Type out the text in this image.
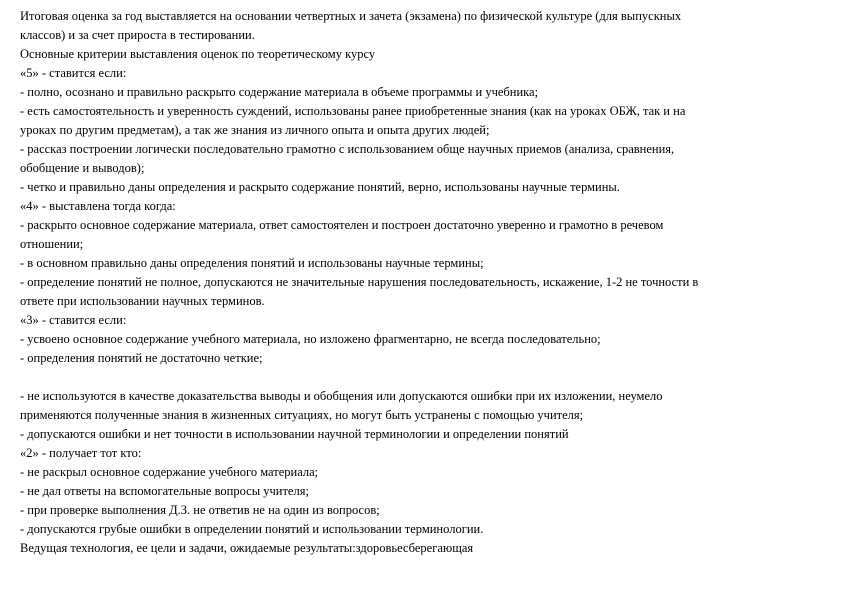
Итоговая оценка за год выставляется на основании четвертных и зачета (экзамена) по физической культуре (для выпускных
классов) и за счет прироста в тестировании.
Основные критерии выставления оценок по теоретическому курсу
«5» - ставится если:
- полно, осознано и правильно раскрыто содержание материала в объеме программы и учебника;
- есть самостоятельность и уверенность суждений, использованы ранее приобретенные знания (как на уроках ОБЖ, так и на
уроках по другим предметам), а так же знания из личного опыта и опыта других людей;
- рассказ построении логически последовательно грамотно с использованием обще научных приемов (анализа, сравнения,
обобщение и выводов);
- четко и правильно даны определения и раскрыто содержание понятий, верно, использованы научные термины.
«4» - выставлена тогда когда:
- раскрыто основное содержание материала, ответ самостоятелен и построен достаточно уверенно и грамотно в речевом
отношении;
- в основном правильно даны определения понятий и использованы научные термины;
- определение понятий не полное, допускаются не значительные нарушения последовательность, искажение, 1-2 не точности в
ответе при использовании научных терминов.
«3» - ставится если:
- усвоено основное содержание учебного материала, но изложено фрагментарно, не всегда последовательно;
- определения понятий не достаточно четкие;
- не используются в качестве доказательства выводы и обобщения или допускаются ошибки при их изложении, неумело
применяются полученные знания в жизненных ситуациях, но могут быть устранены с помощью учителя;
- допускаются ошибки и нет точности в использовании научной терминологии и определении понятий
«2» - получает тот кто:
- не раскрыл основное содержание учебного материала;
- не дал ответы на вспомогательные вопросы учителя;
- при проверке выполнения Д.З. не ответив не на один из вопросов;
- допускаются грубые ошибки в определении понятий и использовании терминологии.
Ведущая технология, ее цели и задачи, ожидаемые результаты:здоровьесберегающая
